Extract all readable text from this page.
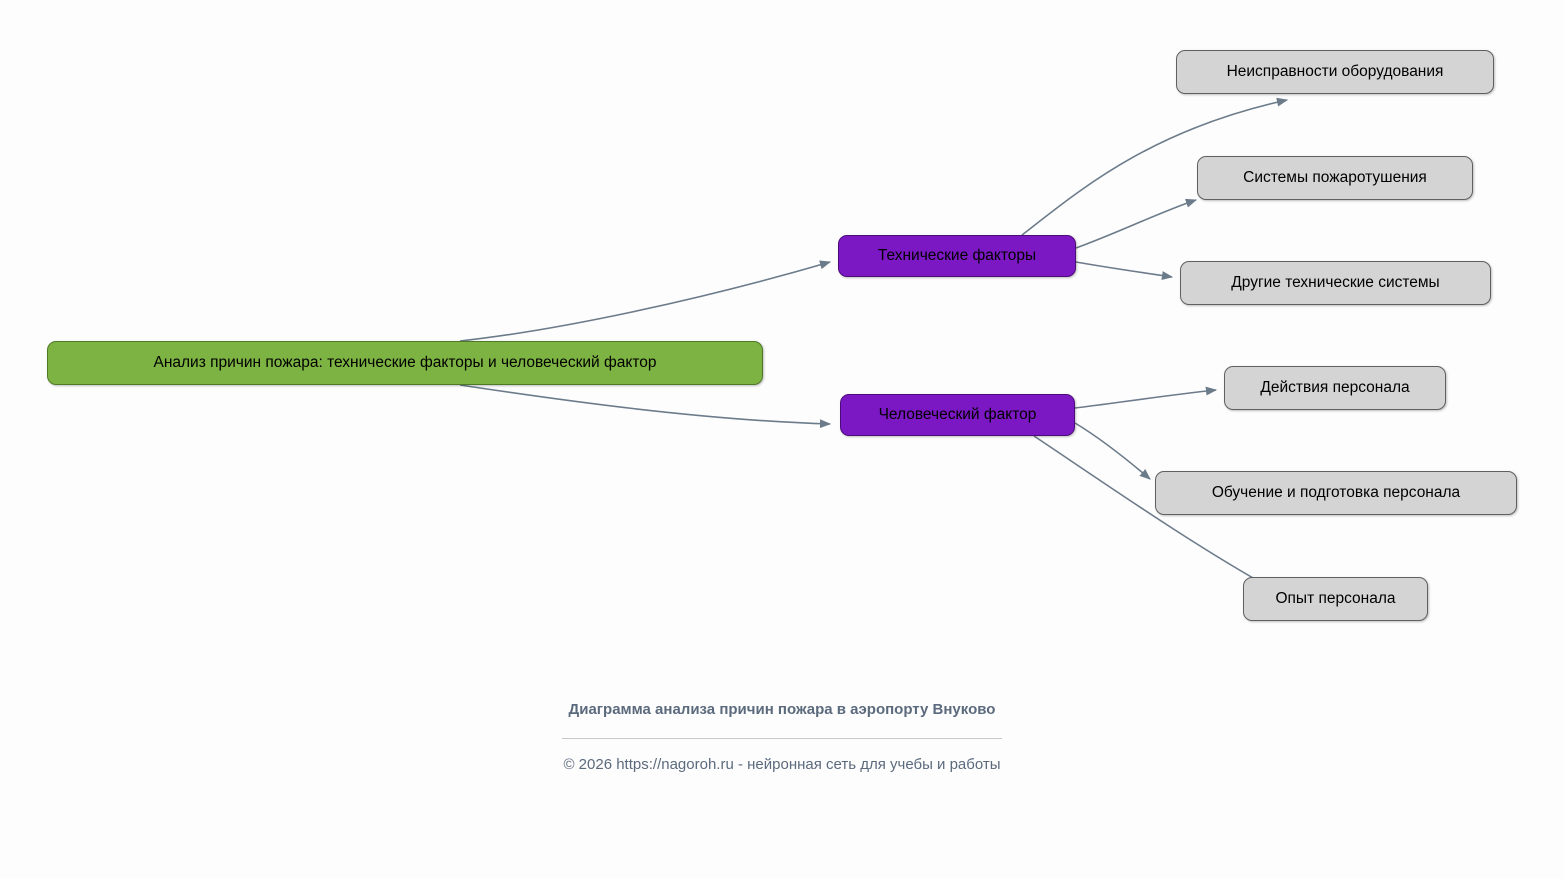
Анализ причин пожара: технические факторы и человеческий фактор
Технические факторы
Неисправности оборудования
Системы пожаротушения
Другие технические системы
Человеческий фактор
Действия персонала
Обучение и подготовка персонала
Опыт персонала
Диаграмма анализа причин пожара в аэропорту Внуково
© 2026 https://nagoroh.ru - нейронная сеть для учебы и работы
